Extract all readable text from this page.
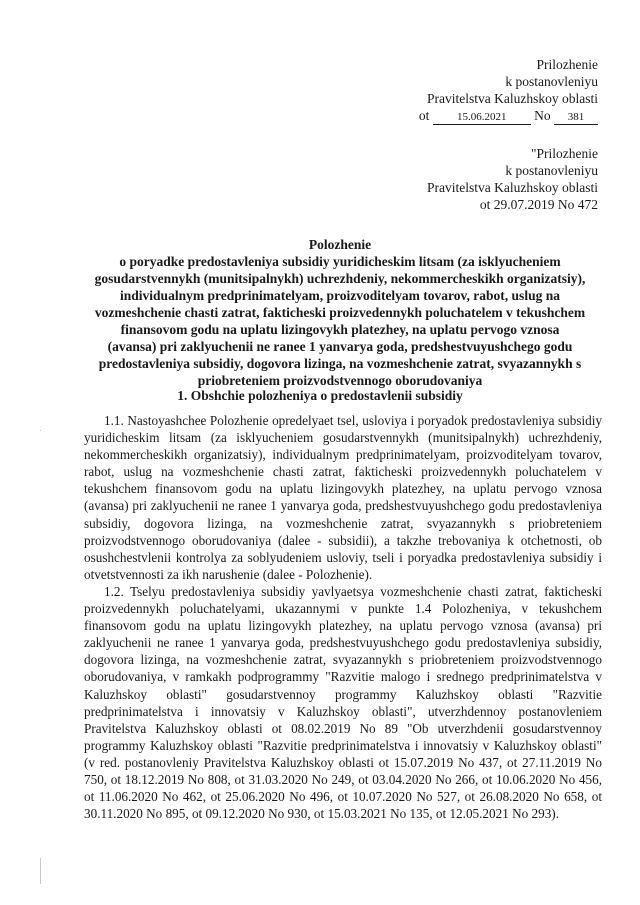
Prilozhenie
k postanovleniyu
Pravitelstva Kaluzhskoy oblasti
ot	15.06.2021 No 381
"Prilozhenie
k postanovleniyu
Pravitelstva Kaluzhskoy oblasti
ot 29.07.2019 No 472
Polozhenie
o poryadke predostavleniya subsidiy yuridicheskim litsam (za isklyucheniem
gosudarstvennykh (munitsipalnykh) uchrezhdeniy, nekommercheskikh organizatsiy),
individualnym predprinimatelyam, proizvoditelyam tovarov, rabot, uslug na
vozmeshchenie chasti zatrat, fakticheski proizvedennykh poluchatelem v tekushchem
finansovom godu na uplatu lizingovykh platezhey, na uplatu pervogo vznosa
(avansa) pri zaklyuchenii ne ranee 1 yanvarya goda, predshestvuyushchego godu
predostavleniya subsidiy, dogovora lizinga, na vozmeshchenie zatrat, svyazannykh s
priobreteniem proizvodstvennogo oborudovaniya
1. Obshchie polozheniya o predostavlenii subsidiy

1.1. Nastoyashchee Polozhenie opredelyaet tsel, usloviya i poryadok predostavleniya subsidiy yuridicheskim litsam (za isklyucheniem gosudarstvennykh (munitsipalnykh) uchrezhdeniy, nekommercheskikh organizatsiy), individualnym predprinimatelyam, proizvoditelyam tovarov, rabot, uslug na vozmeshchenie chasti zatrat, fakticheski proizvedennykh poluchatelem v tekushchem finansovom godu na uplatu lizingovykh platezhey, na uplatu pervogo vznosa (avansa) pri zaklyuchenii ne ranee 1 yanvarya goda, predshestvuyushchego godu predostavleniya subsidiy, dogovora lizinga, na vozmeshchenie zatrat, svyazannykh s priobreteniem proizvodstvennogo oborudovaniya (dalee - subsidii), a takzhe trebovaniya k otchetnosti, ob osushchestvlenii kontrolya za soblyudeniem usloviy, tseli i poryadka predostavleniya subsidiy i otvetstvennosti za ikh narushenie (dalee - Polozhenie).

1.2. Tselyu predostavleniya subsidiy yavlyaetsya vozmeshchenie chasti zatrat, fakticheski proizvedennykh poluchatelyami, ukazannymi v punkte 1.4 Polozheniya, v tekushchem finansovom godu na uplatu lizingovykh platezhey, na uplatu pervogo vznosa (avansa) pri zaklyuchenii ne ranee 1 yanvarya goda, predshestvuyushchego godu predostavleniya subsidiy, dogovora lizinga, na vozmeshchenie zatrat, svyazannykh s priobreteniem proizvodstvennogo oborudovaniya, v ramkakh podprogrammy "Razvitie malogo i srednego predprinimatelstva v Kaluzhskoy oblasti" gosudarstvennoy programmy Kaluzhskoy oblasti "Razvitie predprinimatelstva i innovatsiy v Kaluzhskoy oblasti", utverzhdennoy postanovleniem Pravitelstva Kaluzhskoy oblasti ot 08.02.2019 No 89 "Ob utverzhdenii gosudarstvennoy programmy Kaluzhskoy oblasti "Razvitie predprinimatelstva i innovatsiy v Kaluzhskoy oblasti" (v red. postanovleniy Pravitelstva Kaluzhskoy oblasti ot 15.07.2019 No 437, ot 27.11.2019 No 750, ot 18.12.2019 No 808, ot 31.03.2020 No 249, ot 03.04.2020 No 266, ot 10.06.2020 No 456, ot 11.06.2020 No 462, ot 25.06.2020 No 496, ot 10.07.2020 No 527, ot 26.08.2020 No 658, ot 30.11.2020 No 895, ot 09.12.2020 No 930, ot 15.03.2021 No 135, ot 12.05.2021 No 293).
